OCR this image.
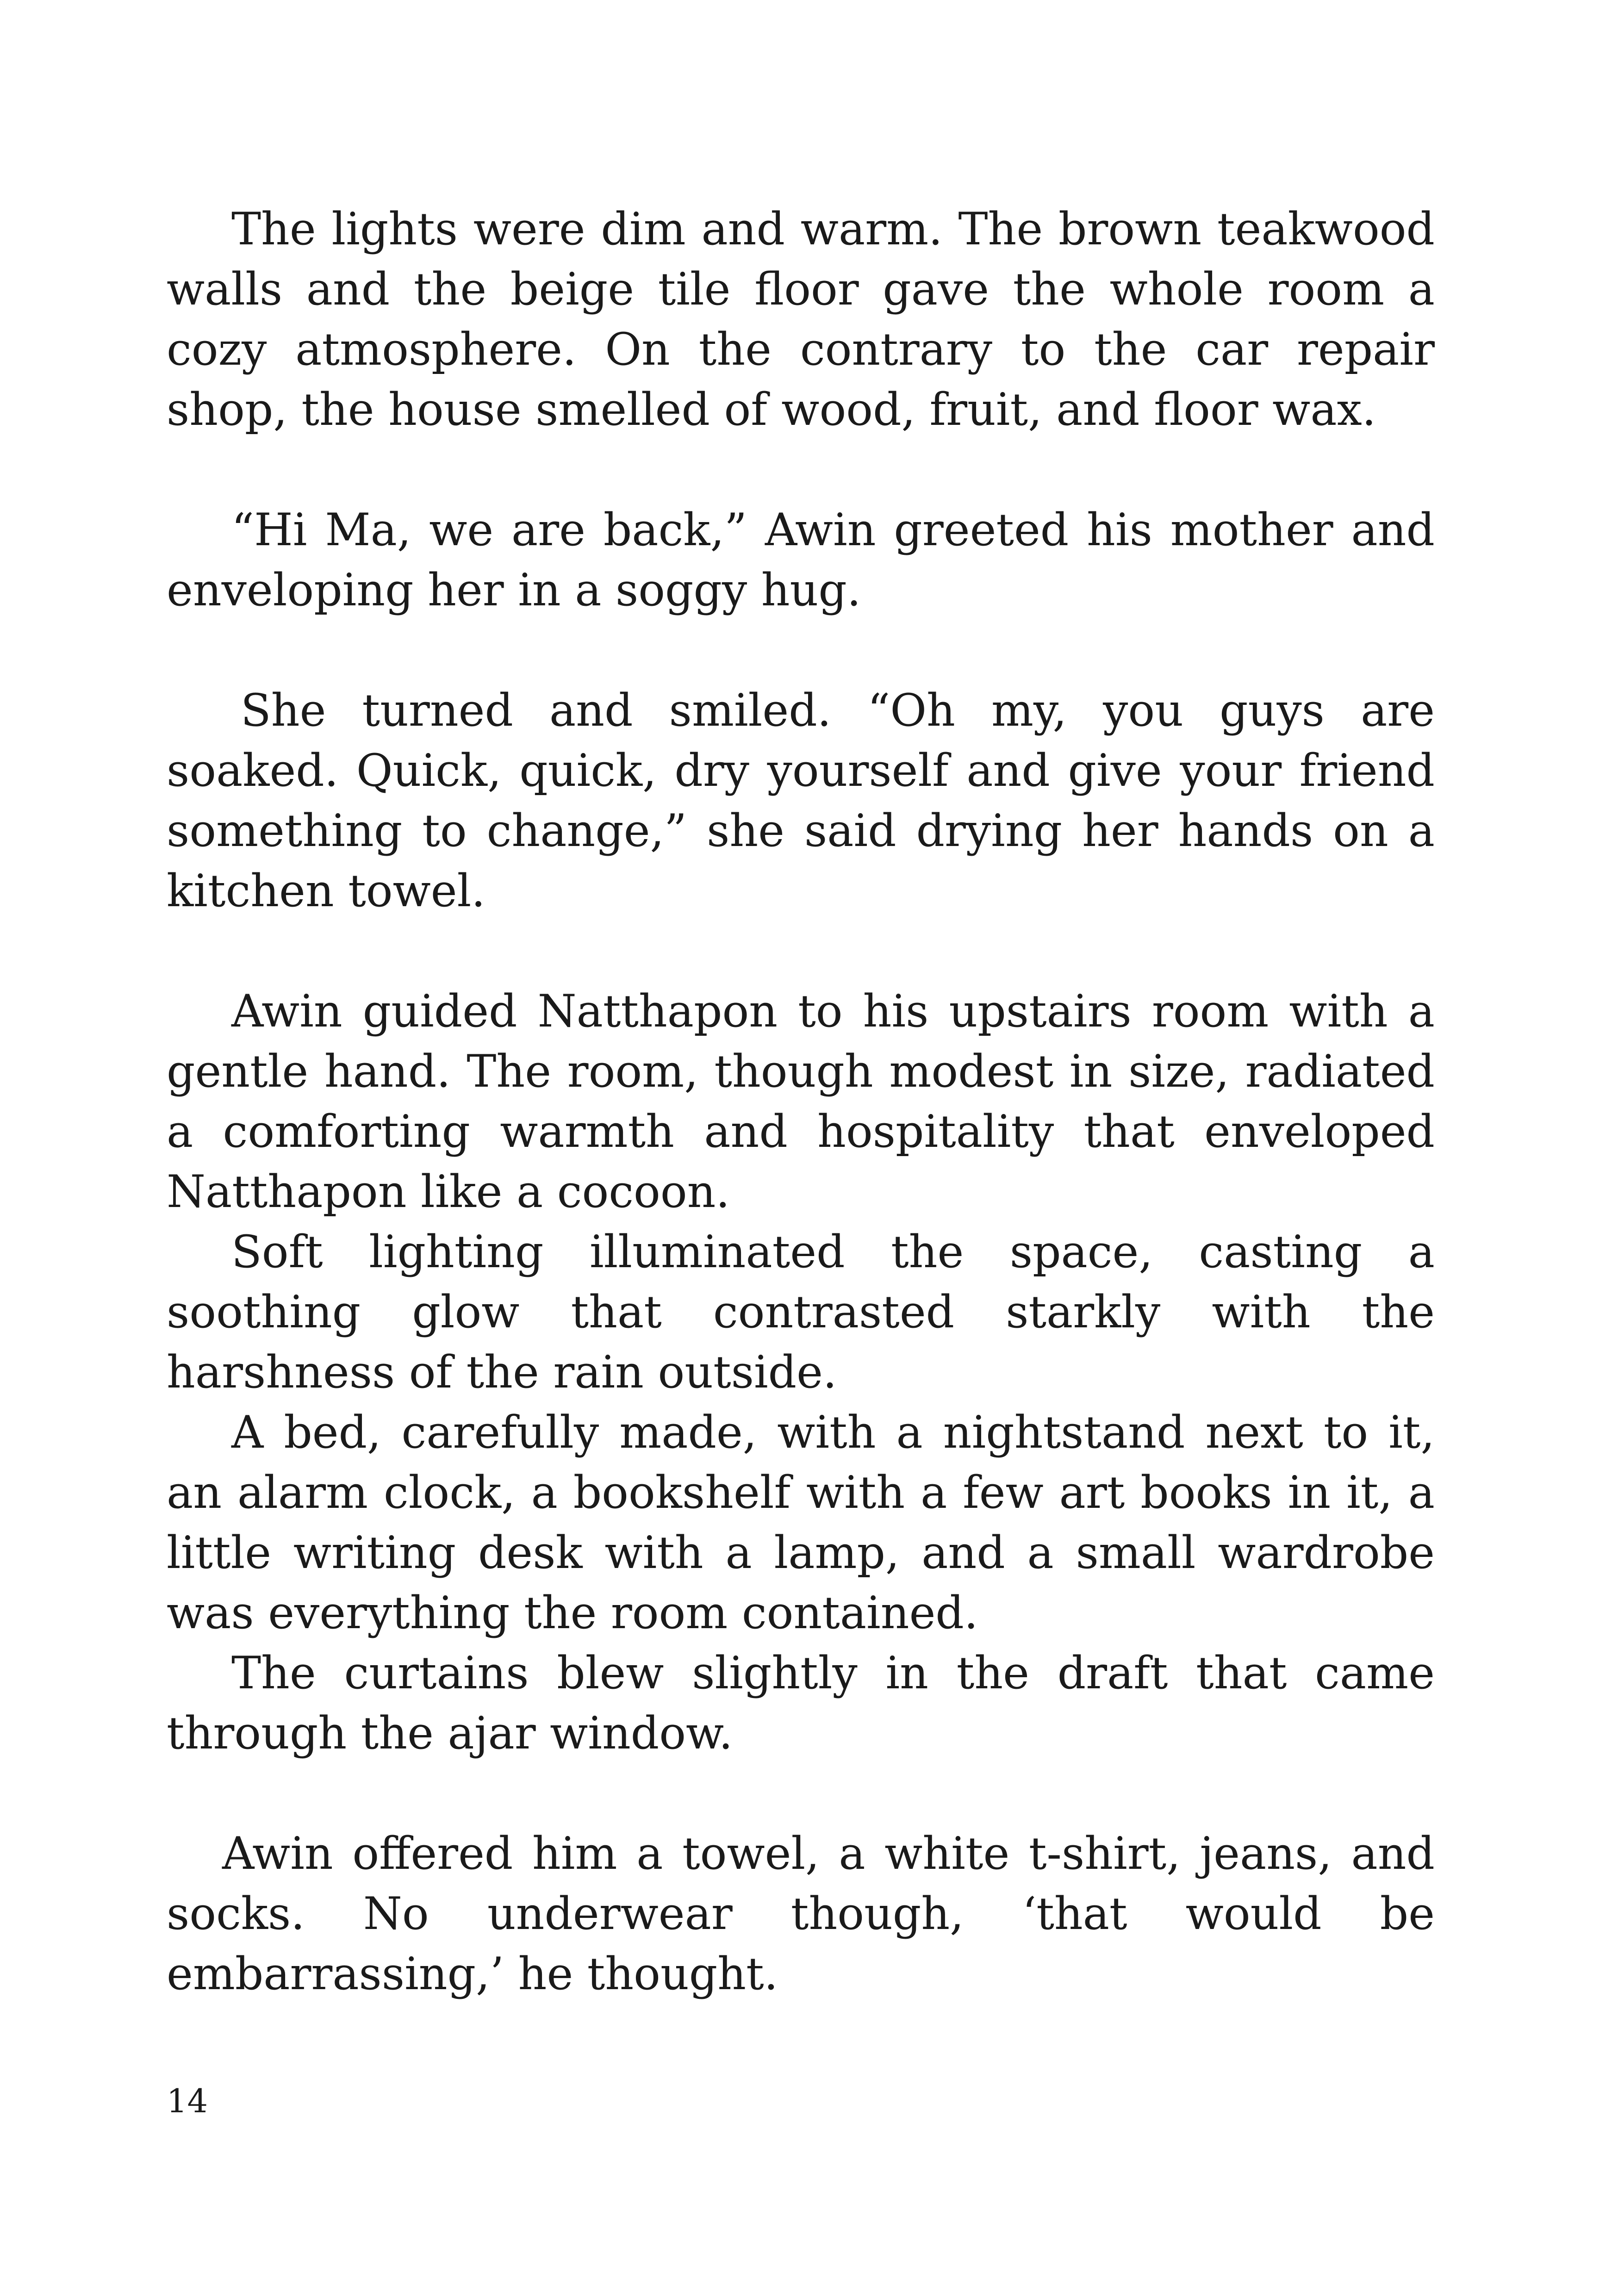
The lights were dim and warm. The brown teakwood walls and the beige tile floor gave the whole room a cozy atmosphere. On the contrary to the car repair shop, the house smelled of wood, fruit, and floor wax.

“Hi Ma, we are back,” Awin greeted his mother and enveloping her in a soggy hug.

She turned and smiled. “Oh my, you guys are soaked. Quick, quick, dry yourself and give your friend something to change,” she said drying her hands on a kitchen towel.

Awin guided Natthapon to his upstairs room with a gentle hand. The room, though modest in size, radiated a comforting warmth and hospitality that enveloped Natthapon like a cocoon.

Soft lighting illuminated the space, casting a soothing glow that contrasted starkly with the harshness of the rain outside.

A bed, carefully made, with a nightstand next to it, an alarm clock, a bookshelf with a few art books in it, a little writing desk with a lamp, and a small wardrobe was everything the room contained.

The curtains blew slightly in the draft that came through the ajar window.

Awin offered him a towel, a white t-shirt, jeans, and socks. No underwear though, ‘that would be embarrassing,’ he thought.

14
